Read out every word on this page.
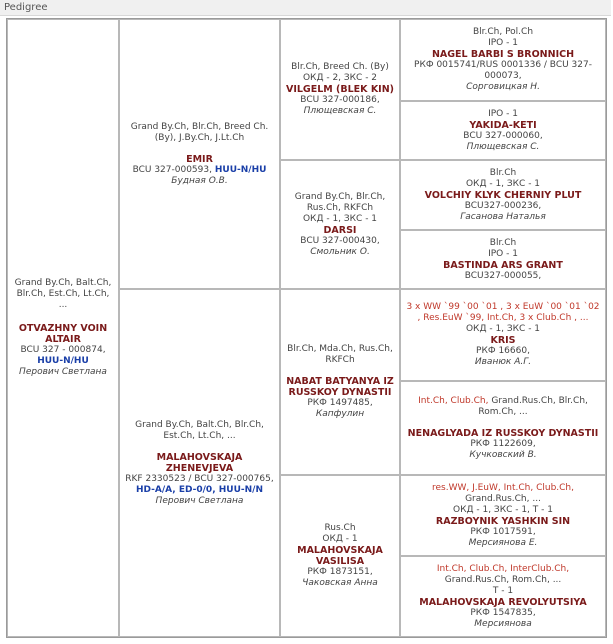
Pedigree
Grand By.Ch, Balt.Ch, Blr.Ch, Est.Ch, Lt.Ch, ...
OTVAZHNY VOIN ALTAIR
BCU 327 - 000874,
HUU-N/HU
Перович Светлана
Grand By.Ch, Blr.Ch, Breed Ch.(By), J.By.Ch, J.Lt.Ch
EMIR
BCU 327-000593, HUU-N/HU
Будная О.В.
Grand By.Ch, Balt.Ch, Blr.Ch, Est.Ch, Lt.Ch, ...
MALAHOVSKAJA ZHENEVJEVA
RKF 2330523 / BCU 327-000765,
HD-A/A, ED-0/0, HUU-N/N
Перович Светлана
Blr.Ch, Breed Ch. (By)
ОКД - 2, ЗКС - 2
VILGELM (BLEK KIN)
BCU 327-000186,
Плющевская С.
Grand By.Ch, Blr.Ch, Rus.Ch, RKFCh
ОКД - 1, ЗКС - 1
DARSI
BCU 327-000430,
Смольник О.
Blr.Ch, Mda.Ch, Rus.Ch, RKFCh
NABAT BATYANYA IZ RUSSKOY DYNASTII
РКФ 1497485,
Капфулин
Rus.Ch
ОКД - 1
MALAHOVSKAJA VASILISA
РКФ 1873151,
Чаковская Анна
Blr.Ch, Pol.Ch
IPO - 1
NAGEL BARBI S BRONNICH
РКФ 0015741/RUS 0001336 / BCU 327-000073,
Сорговицкая Н.
IPO - 1
YAKIDA-KETI
BCU 327-000060,
Плющевская С.
Blr.Ch
ОКД - 1, ЗКС - 1
VOLCHIY KLYK CHERNIY PLUT
BCU327-000236,
Гасанова Наталья
Blr.Ch
IPO - 1
BASTINDA ARS GRANT
BCU327-000055,
3 x WW `99 `00 `01 , 3 x EuW `00 `01 `02 , Res.EuW `99, Int.Ch, 3 x Club.Ch , ...
ОКД - 1, ЗКС - 1
KRIS
РКФ 16660,
Иванюк А.Г.
Int.Ch, Club.Ch, Grand.Rus.Ch, Blr.Ch, Rom.Ch, ...
NENAGLYADA IZ RUSSKOY DYNASTII
РКФ 1122609,
Кучковский В.
res.WW, J.EuW, Int.Ch, Club.Ch,
Grand.Rus.Ch, ...
ОКД - 1, ЗКС - 1, Т - 1
RAZBOYNIK YASHKIN SIN
РКФ 1017591,
Мерсиянова Е.
Int.Ch, Club.Ch, InterClub.Ch,
Grand.Rus.Ch, Rom.Ch, ...
Т - 1
MALAHOVSKAJA REVOLYUTSIYA
РКФ 1547835,
Мерсиянова
